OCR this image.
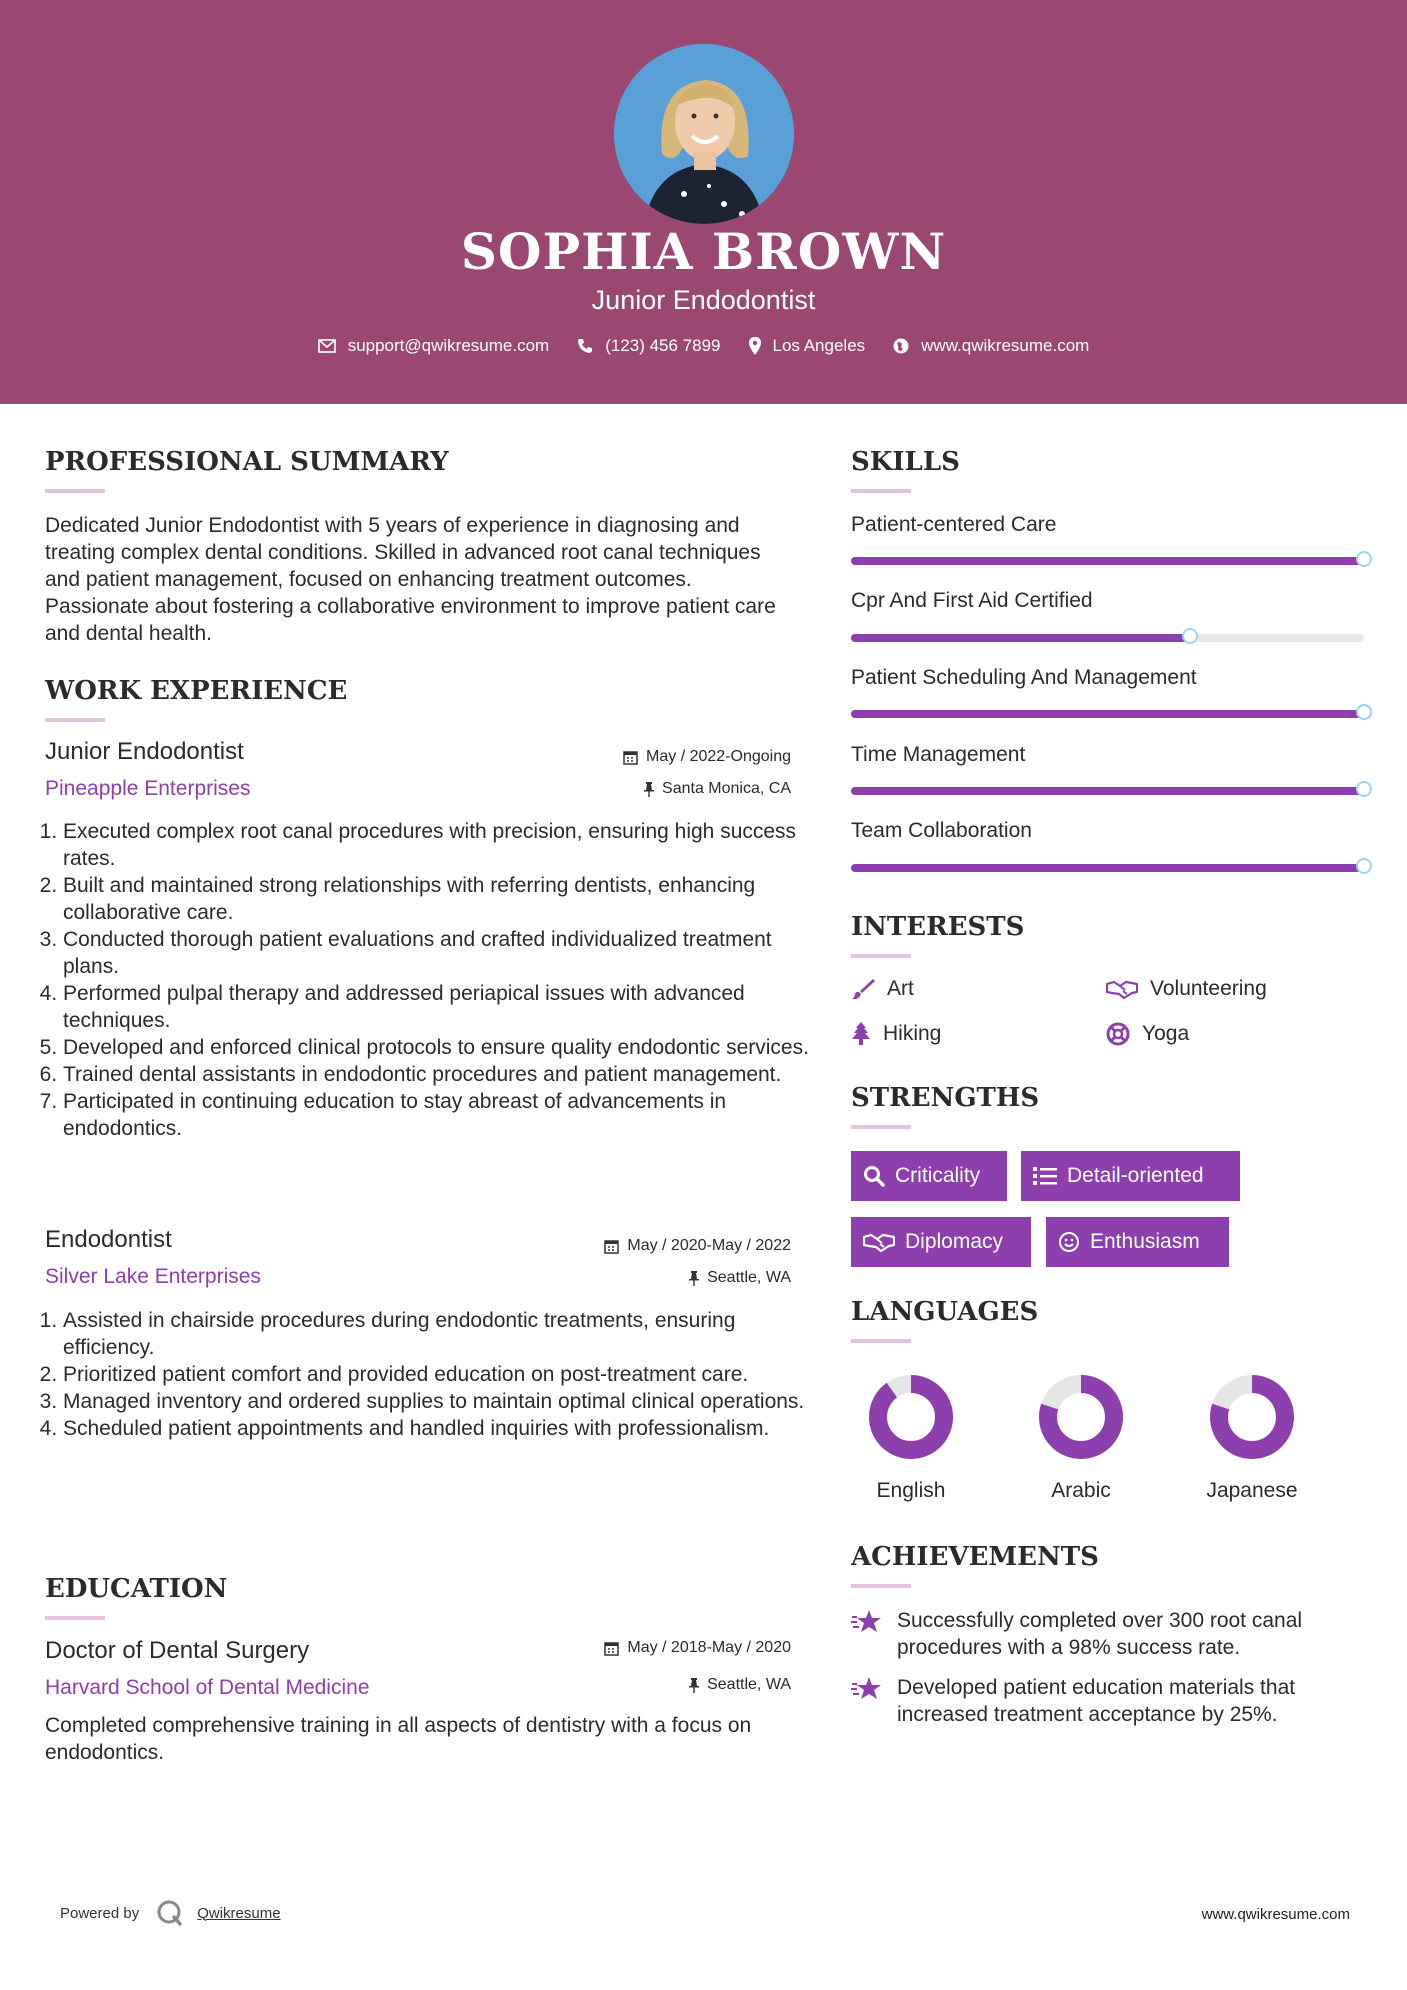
SOPHIA BROWN
Junior Endodontist
support@qwikresume.com	(123) 456 7899	Los Angeles	www.qwikresume.com
PROFESSIONAL SUMMARY
Dedicated Junior Endodontist with 5 years of experience in diagnosing and treating complex dental conditions. Skilled in advanced root canal techniques and patient management, focused on enhancing treatment outcomes. Passionate about fostering a collaborative environment to improve patient care and dental health.
WORK EXPERIENCE
Junior Endodontist	May / 2022-Ongoing
Pineapple Enterprises	Santa Monica, CA
1. Executed complex root canal procedures with precision, ensuring high success rates.
2. Built and maintained strong relationships with referring dentists, enhancing collaborative care.
3. Conducted thorough patient evaluations and crafted individualized treatment plans.
4. Performed pulpal therapy and addressed periapical issues with advanced techniques.
5. Developed and enforced clinical protocols to ensure quality endodontic services.
6. Trained dental assistants in endodontic procedures and patient management.
7. Participated in continuing education to stay abreast of advancements in endodontics.
Endodontist	May / 2020-May / 2022
Silver Lake Enterprises	Seattle, WA
1. Assisted in chairside procedures during endodontic treatments, ensuring efficiency.
2. Prioritized patient comfort and provided education on post-treatment care.
3. Managed inventory and ordered supplies to maintain optimal clinical operations.
4. Scheduled patient appointments and handled inquiries with professionalism.
EDUCATION
Doctor of Dental Surgery	May / 2018-May / 2020
Harvard School of Dental Medicine	Seattle, WA
Completed comprehensive training in all aspects of dentistry with a focus on endodontics.
SKILLS
Patient-centered Care
Cpr And First Aid Certified
Patient Scheduling And Management
Time Management
Team Collaboration
INTERESTS
Art	Volunteering
Hiking	Yoga
STRENGTHS
Criticality	Detail-oriented
Diplomacy	Enthusiasm
LANGUAGES
English	Arabic	Japanese
ACHIEVEMENTS
Successfully completed over 300 root canal procedures with a 98% success rate.
Developed patient education materials that increased treatment acceptance by 25%.
Powered by	Qwikresume	www.qwikresume.com
